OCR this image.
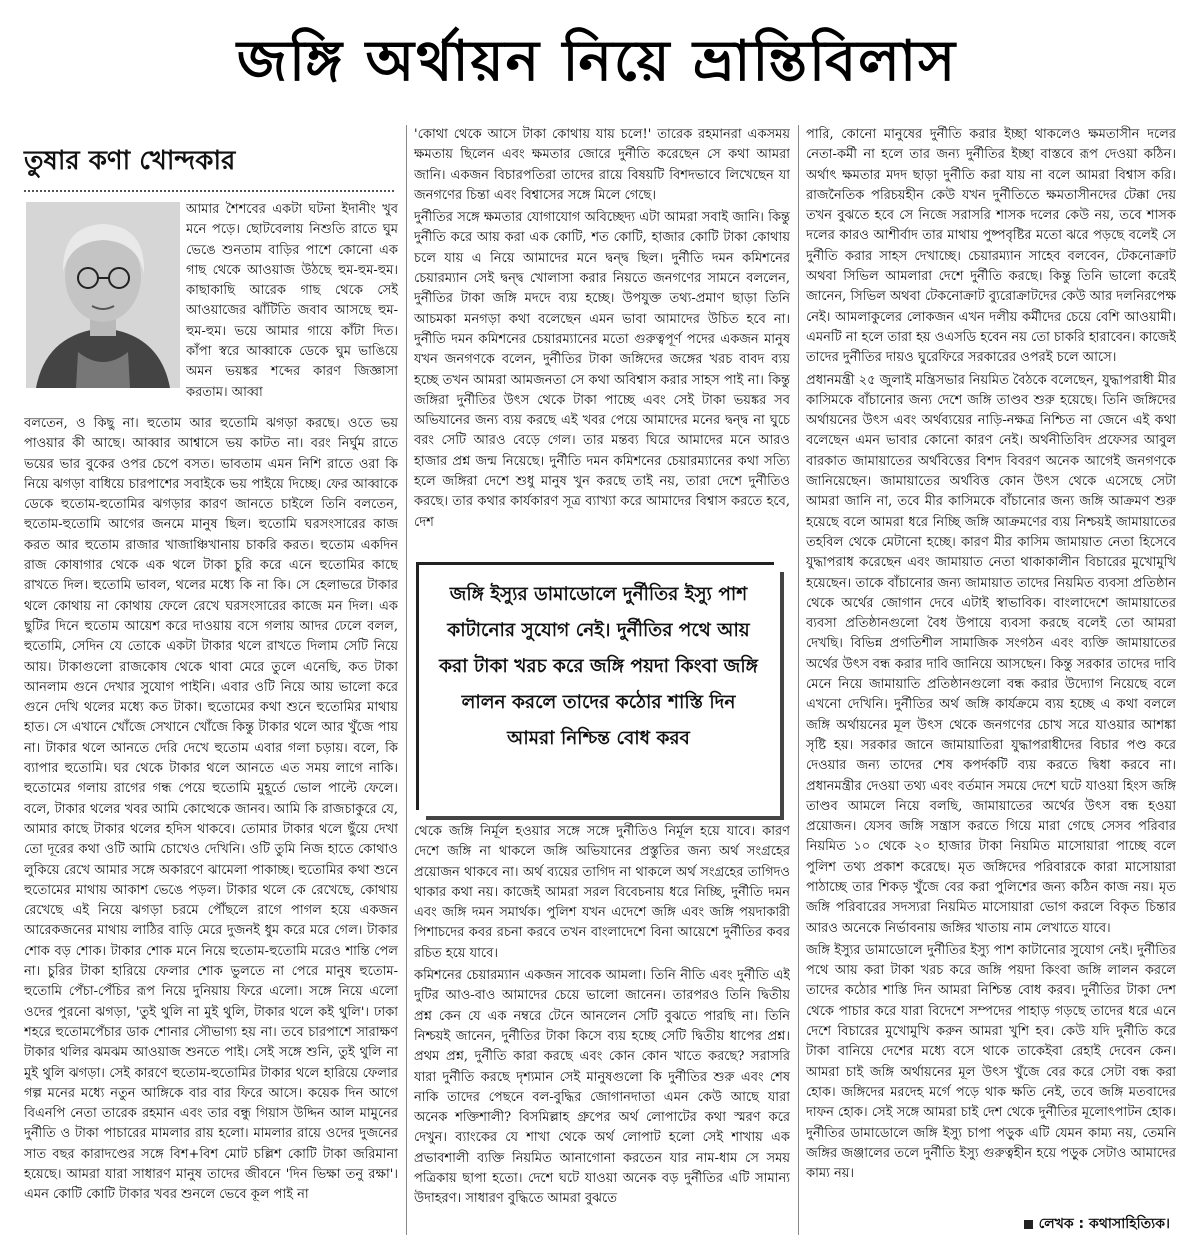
জঙ্গি অর্থায়ন নিয়ে ভ্রান্তিবিলাস
তুষার কণা খোন্দকার

আমার শৈশবের একটা ঘটনা ইদানীং খুব মনে পড়ে। ছোটবেলায় নিশুতি রাতে ঘুম ভেঙে শুনতাম বাড়ির পাশে কোনো এক গাছ থেকে আওয়াজ উঠছে হুম-হুম-হুম। কাছাকাছি আরেক গাছ থেকে সেই আওয়াজের ঝাঁটিতি জবাব আসছে হুম-হুম-হুম। ভয়ে আমার গায়ে কাঁটা দিত। কাঁপা স্বরে আব্বাকে ডেকে ঘুম ভাঙিয়ে অমন ভয়ঙ্কর শব্দের কারণ জিজ্ঞাসা করতাম। আব্বা

বলতেন, ও কিছু না। হুতোম আর হুতোমি ঝগড়া করছে। ওতে ভয় পাওয়ার কী আছে। আব্বার আশ্বাসে ভয় কাটত না। বরং নির্ঘুম রাতে ভয়ের ভার বুকের ওপর চেপে বসত। ভাবতাম এমন নিশি রাতে ওরা কি নিয়ে ঝগড়া বাধিয়ে চারপাশের সবাইকে ভয় পাইয়ে দিচ্ছে। ফের আব্বাকে ডেকে হুতোম-হুতোমির ঝগড়ার কারণ জানতে চাইলে তিনি বলতেন, হুতোম-হুতোমি আগের জনমে মানুষ ছিল। হুতোমি ঘরসংসারের কাজ করত আর হুতোম রাজার খাজাঞ্চিখানায় চাকরি করত। হুতোম একদিন রাজ কোষাগার থেকে এক থলে টাকা চুরি করে এনে হুতোমির কাছে রাখতে দিল। হুতোমি ভাবল, থলের মধ্যে কি না কি। সে হেলাভরে টাকার থলে কোথায় না কোথায় ফেলে রেখে ঘরসংসারের কাজে মন দিল। এক ছুটির দিনে হুতোম আয়েশ করে দাওয়ায় বসে গলায় আদর ঢেলে বলল, হুতোমি, সেদিন যে তোকে একটা টাকার থলে রাখতে দিলাম সেটি নিয়ে আয়। টাকাগুলো রাজকোষ থেকে থাবা মেরে তুলে এনেছি, কত টাকা আনলাম গুনে দেখার সুযোগ পাইনি। এবার ওটি নিয়ে আয় ভালো করে গুনে দেখি থলের মধ্যে কত টাকা। হুতোমের কথা শুনে হুতোমির মাথায় হাত। সে এখানে খোঁজে সেখানে খোঁজে কিন্তু টাকার থলে আর খুঁজে পায় না। টাকার থলে আনতে দেরি দেখে হুতোম এবার গলা চড়ায়। বলে, কি ব্যাপার হুতোমি। ঘর থেকে টাকার থলে আনতে এত সময় লাগে নাকি। হুতোমের গলায় রাগের গন্ধ পেয়ে হুতোমি মুহূর্তে ভোল পাল্টে ফেলে। বলে, টাকার থলের খবর আমি কোত্থেকে জানব। আমি কি রাজচাকুরে যে, আমার কাছে টাকার থলের হদিস থাকবে। তোমার টাকার থলে ছুঁয়ে দেখা তো দূরের কথা ওটি আমি চোখেও দেখিনি। ওটি তুমি নিজ হাতে কোথাও লুকিয়ে রেখে আমার সঙ্গে অকারণে ঝামেলা পাকাচ্ছ। হুতোমির কথা শুনে হুতোমের মাথায় আকাশ ভেঙে পড়ল। টাকার থলে কে রেখেছে, কোথায় রেখেছে এই নিয়ে ঝগড়া চরমে পৌঁছলে রাগে পাগল হয়ে একজন আরেকজনের মাথায় লাঠির বাড়ি মেরে দুজনই ধুম করে মরে গেল। টাকার শোক বড় শোক। টাকার শোক মনে নিয়ে হুতোম-হুতোমি মরেও শান্তি পেল না। চুরির টাকা হারিয়ে ফেলার শোক ভুলতে না পেরে মানুষ হুতোম-হুতোমি পেঁচা-পেঁচির রূপ নিয়ে দুনিয়ায় ফিরে এলো। সঙ্গে নিয়ে এলো ওদের পুরনো ঝগড়া, 'তুই থুলি না মুই থুলি, টাকার থলে কই থুলি'। ঢাকা শহরে হুতোমপেঁচার ডাক শোনার সৌভাগ্য হয় না। তবে চারপাশে সারাক্ষণ টাকার থলির ঝমঝম আওয়াজ শুনতে পাই। সেই সঙ্গে শুনি, তুই থুলি না মুই থুলি ঝগড়া। সেই কারণে হুতোম-হুতোমির টাকার থলে হারিয়ে ফেলার গল্প মনের মধ্যে নতুন আঙ্গিকে বার বার ফিরে আসে। কয়েক দিন আগে বিএনপি নেতা তারেক রহমান এবং তার বন্ধু গিয়াস উদ্দিন আল মামুনের দুর্নীতি ও টাকা পাচারের মামলার রায় হলো। মামলার রায়ে ওদের দুজনের সাত বছর কারাদণ্ডের সঙ্গে বিশ+বিশ মোট চল্লিশ কোটি টাকা জরিমানা হয়েছে। আমরা যারা সাধারণ মানুষ তাদের জীবনে 'দিন ভিক্ষা তনু রক্ষা'। এমন কোটি কোটি টাকার খবর শুনলে ভেবে কূল পাই না

'কোথা থেকে আসে টাকা কোথায় যায় চলে!' তারেক রহমানরা একসময় ক্ষমতায় ছিলেন এবং ক্ষমতার জোরে দুর্নীতি করেছেন সে কথা আমরা জানি। একজন বিচারপতিরা তাদের রায়ে বিষয়টি বিশদভাবে লিখেছেন যা জনগণের চিন্তা এবং বিশ্বাসের সঙ্গে মিলে গেছে।

দুর্নীতির সঙ্গে ক্ষমতার যোগাযোগ অবিচ্ছেদ্য এটা আমরা সবাই জানি। কিন্তু দুর্নীতি করে আয় করা এক কোটি, শত কোটি, হাজার কোটি টাকা কোথায় চলে যায় এ নিয়ে আমাদের মনে দ্বন্দ্ব ছিল। দুর্নীতি দমন কমিশনের চেয়ারম্যান সেই দ্বন্দ্ব খোলাসা করার নিয়তে জনগণের সামনে বললেন, দুর্নীতির টাকা জঙ্গি মদদে ব্যয় হচ্ছে। উপযুক্ত তথ্য-প্রমাণ ছাড়া তিনি আচমকা মনগড়া কথা বলেছেন এমন ভাবা আমাদের উচিত হবে না। দুর্নীতি দমন কমিশনের চেয়ারম্যানের মতো গুরুত্বপূর্ণ পদের একজন মানুষ যখন জনগণকে বলেন, দুর্নীতির টাকা জঙ্গিদের জঙ্গের খরচ বাবদ ব্যয় হচ্ছে তখন আমরা আমজনতা সে কথা অবিশ্বাস করার সাহস পাই না। কিন্তু জঙ্গিরা দুর্নীতির উৎস থেকে টাকা পাচ্ছে এবং সেই টাকা ভয়ঙ্কর সব অভিযানের জন্য ব্যয় করছে এই খবর পেয়ে আমাদের মনের দ্বন্দ্ব না ঘুচে বরং সেটি আরও বেড়ে গেল। তার মন্তব্য ঘিরে আমাদের মনে আরও হাজার প্রশ্ন জন্ম নিয়েছে। দুর্নীতি দমন কমিশনের চেয়ারম্যানের কথা সত্যি হলে জঙ্গিরা দেশে শুধু মানুষ খুন করছে তাই নয়, তারা দেশে দুর্নীতিও করছে। তার কথার কার্যকারণ সূত্র ব্যাখ্যা করে আমাদের বিশ্বাস করতে হবে, দেশ

জঙ্গি ইস্যুর ডামাডোলে দুর্নীতির ইস্যু পাশ কাটানোর সুযোগ নেই। দুর্নীতির পথে আয় করা টাকা খরচ করে জঙ্গি পয়দা কিংবা জঙ্গি লালন করলে তাদের কঠোর শাস্তি দিন আমরা নিশ্চিন্ত বোধ করব

থেকে জঙ্গি নির্মূল হওয়ার সঙ্গে সঙ্গে দুর্নীতিও নির্মূল হয়ে যাবে। কারণ দেশে জঙ্গি না থাকলে জঙ্গি অভিযানের প্রস্তুতির জন্য অর্থ সংগ্রহের প্রয়োজন থাকবে না। অর্থ ব্যয়ের তাগিদ না থাকলে অর্থ সংগ্রহের তাগিদও থাকার কথা নয়। কাজেই আমরা সরল বিবেচনায় ধরে নিচ্ছি, দুর্নীতি দমন এবং জঙ্গি দমন সমার্থক। পুলিশ যখন এদেশে জঙ্গি এবং জঙ্গি পয়দাকারী পিশাচদের কবর রচনা করবে তখন বাংলাদেশে বিনা আয়েশে দুর্নীতির কবর রচিত হয়ে যাবে।

কমিশনের চেয়ারম্যান একজন সাবেক আমলা। তিনি নীতি এবং দুর্নীতি এই দুটির আও-বাও আমাদের চেয়ে ভালো জানেন। তারপরও তিনি দ্বিতীয় প্রশ্ন কেন যে এক নম্বরে টেনে আনলেন সেটি বুঝতে পারছি না। তিনি নিশ্চয়ই জানেন, দুর্নীতির টাকা কিসে ব্যয় হচ্ছে সেটি দ্বিতীয় ধাপের প্রশ্ন। প্রথম প্রশ্ন, দুর্নীতি কারা করছে এবং কোন কোন খাতে করছে? সরাসরি যারা দুর্নীতি করছে দৃশ্যমান সেই মানুষগুলো কি দুর্নীতির শুরু এবং শেষ নাকি তাদের পেছনে বল-বুদ্ধির জোগানদাতা এমন কেউ আছে যারা অনেক শক্তিশালী? বিসমিল্লাহ গ্রুপের অর্থ লোপাটের কথা স্মরণ করে দেখুন। ব্যাংকের যে শাখা থেকে অর্থ লোপাট হলো সেই শাখায় এক প্রভাবশালী ব্যক্তি নিয়মিত আনাগোনা করতেন যার নাম-ধাম সে সময় পত্রিকায় ছাপা হতো। দেশে ঘটে যাওয়া অনেক বড় দুর্নীতির এটি সামান্য উদাহরণ। সাধারণ বুদ্ধিতে আমরা বুঝতে

পারি, কোনো মানুষের দুর্নীতি করার ইচ্ছা থাকলেও ক্ষমতাসীন দলের নেতা-কর্মী না হলে তার জন্য দুর্নীতির ইচ্ছা বাস্তবে রূপ দেওয়া কঠিন। অর্থাৎ ক্ষমতার মদদ ছাড়া দুর্নীতি করা যায় না বলে আমরা বিশ্বাস করি। রাজনৈতিক পরিচয়হীন কেউ যখন দুর্নীতিতে ক্ষমতাসীনদের টেক্কা দেয় তখন বুঝতে হবে সে নিজে সরাসরি শাসক দলের কেউ নয়, তবে শাসক দলের কারও আশীর্বাদ তার মাথায় পুষ্পবৃষ্টির মতো ঝরে পড়ছে বলেই সে দুর্নীতি করার সাহস দেখাচ্ছে। চেয়ারম্যান সাহেব বলবেন, টেকনোক্রাট অথবা সিভিল আমলারা দেশে দুর্নীতি করছে। কিন্তু তিনি ভালো করেই জানেন, সিভিল অথবা টেকনোক্রাট ব্যুরোক্রাটদের কেউ আর দলনিরপেক্ষ নেই। আমলাকুলের লোকজন এখন দলীয় কর্মীদের চেয়ে বেশি আওয়ামী। এমনটি না হলে তারা হয় ওএসডি হবেন নয় তো চাকরি হারাবেন। কাজেই তাদের দুর্নীতির দায়ও ঘুরেফিরে সরকারের ওপরই চলে আসে।

প্রধানমন্ত্রী ২৫ জুলাই মন্ত্রিসভার নিয়মিত বৈঠকে বলেছেন, যুদ্ধাপরাধী মীর কাসিমকে বাঁচানোর জন্য দেশে জঙ্গি তাণ্ডব শুরু হয়েছে। তিনি জঙ্গিদের অর্থায়নের উৎস এবং অর্থব্যয়ের নাড়ি-নক্ষত্র নিশ্চিত না জেনে এই কথা বলেছেন এমন ভাবার কোনো কারণ নেই। অর্থনীতিবিদ প্রফেসর আবুল বারকাত জামায়াতের অর্থবিত্তের বিশদ বিবরণ অনেক আগেই জনগণকে জানিয়েছেন। জামায়াতের অর্থবিত্ত কোন উৎস থেকে এসেছে সেটা আমরা জানি না, তবে মীর কাসিমকে বাঁচানোর জন্য জঙ্গি আক্রমণ শুরু হয়েছে বলে আমরা ধরে নিচ্ছি জঙ্গি আক্রমণের ব্যয় নিশ্চয়ই জামায়াতের তহবিল থেকে মেটানো হচ্ছে। কারণ মীর কাসিম জামায়াত নেতা হিসেবে যুদ্ধাপরাধ করেছেন এবং জামায়াত নেতা থাকাকালীন বিচারের মুখোমুখি হয়েছেন। তাকে বাঁচানোর জন্য জামায়াত তাদের নিয়মিত ব্যবসা প্রতিষ্ঠান থেকে অর্থের জোগান দেবে এটাই স্বাভাবিক। বাংলাদেশে জামায়াতের ব্যবসা প্রতিষ্ঠানগুলো বৈধ উপায়ে ব্যবসা করছে বলেই তো আমরা দেখছি। বিভিন্ন প্রগতিশীল সামাজিক সংগঠন এবং ব্যক্তি জামায়াতের অর্থের উৎস বন্ধ করার দাবি জানিয়ে আসছেন। কিন্তু সরকার তাদের দাবি মেনে নিয়ে জামায়াতি প্রতিষ্ঠানগুলো বন্ধ করার উদ্যোগ নিয়েছে বলে এখনো দেখিনি। দুর্নীতির অর্থ জঙ্গি কার্যক্রমে ব্যয় হচ্ছে এ কথা বললে জঙ্গি অর্থায়নের মূল উৎস থেকে জনগণের চোখ সরে যাওয়ার আশঙ্কা সৃষ্টি হয়। সরকার জানে জামায়াতিরা যুদ্ধাপরাধীদের বিচার পণ্ড করে দেওয়ার জন্য তাদের শেষ কপর্দকটি ব্যয় করতে দ্বিধা করবে না। প্রধানমন্ত্রীর দেওয়া তথ্য এবং বর্তমান সময়ে দেশে ঘটে যাওয়া হিংস জঙ্গি তাণ্ডব আমলে নিয়ে বলছি, জামায়াতের অর্থের উৎস বন্ধ হওয়া প্রয়োজন। যেসব জঙ্গি সন্ত্রাস করতে গিয়ে মারা গেছে সেসব পরিবার নিয়মিত ১০ থেকে ২০ হাজার টাকা নিয়মিত মাসোয়ারা পাচ্ছে বলে পুলিশ তথ্য প্রকাশ করেছে। মৃত জঙ্গিদের পরিবারকে কারা মাসোয়ারা পাঠাচ্ছে তার শিকড় খুঁজে বের করা পুলিশের জন্য কঠিন কাজ নয়। মৃত জঙ্গি পরিবারের সদস্যরা নিয়মিত মাসোয়ারা ভোগ করলে বিকৃত চিন্তার আরও অনেকে নির্ভাবনায় জঙ্গির খাতায় নাম লেখাতে যাবে।

জঙ্গি ইস্যুর ডামাডোলে দুর্নীতির ইস্যু পাশ কাটানোর সুযোগ নেই। দুর্নীতির পথে আয় করা টাকা খরচ করে জঙ্গি পয়দা কিংবা জঙ্গি লালন করলে তাদের কঠোর শাস্তি দিন আমরা নিশ্চিন্ত বোধ করব। দুর্নীতির টাকা দেশ থেকে পাচার করে যারা বিদেশে সম্পদের পাহাড় গড়ছে তাদের ধরে এনে দেশে বিচারের মুখোমুখি করুন আমরা খুশি হব। কেউ যদি দুর্নীতি করে টাকা বানিয়ে দেশের মধ্যে বসে থাকে তাকেইবা রেহাই দেবেন কেন। আমরা চাই জঙ্গি অর্থায়নের মূল উৎস খুঁজে বের করে সেটা বন্ধ করা হোক। জঙ্গিদের মরদেহ মর্গে পড়ে থাক ক্ষতি নেই, তবে জঙ্গি মতবাদের দাফন হোক। সেই সঙ্গে আমরা চাই দেশ থেকে দুর্নীতির মূলোৎপাটন হোক। দুর্নীতির ডামাডোলে জঙ্গি ইস্যু চাপা পড়ুক এটি যেমন কাম্য নয়, তেমনি জঙ্গির জঞ্জালের তলে দুর্নীতি ইস্যু গুরুত্বহীন হয়ে পড়ুক সেটাও আমাদের কাম্য নয়।

লেখক : কথাসাহিত্যিক।
